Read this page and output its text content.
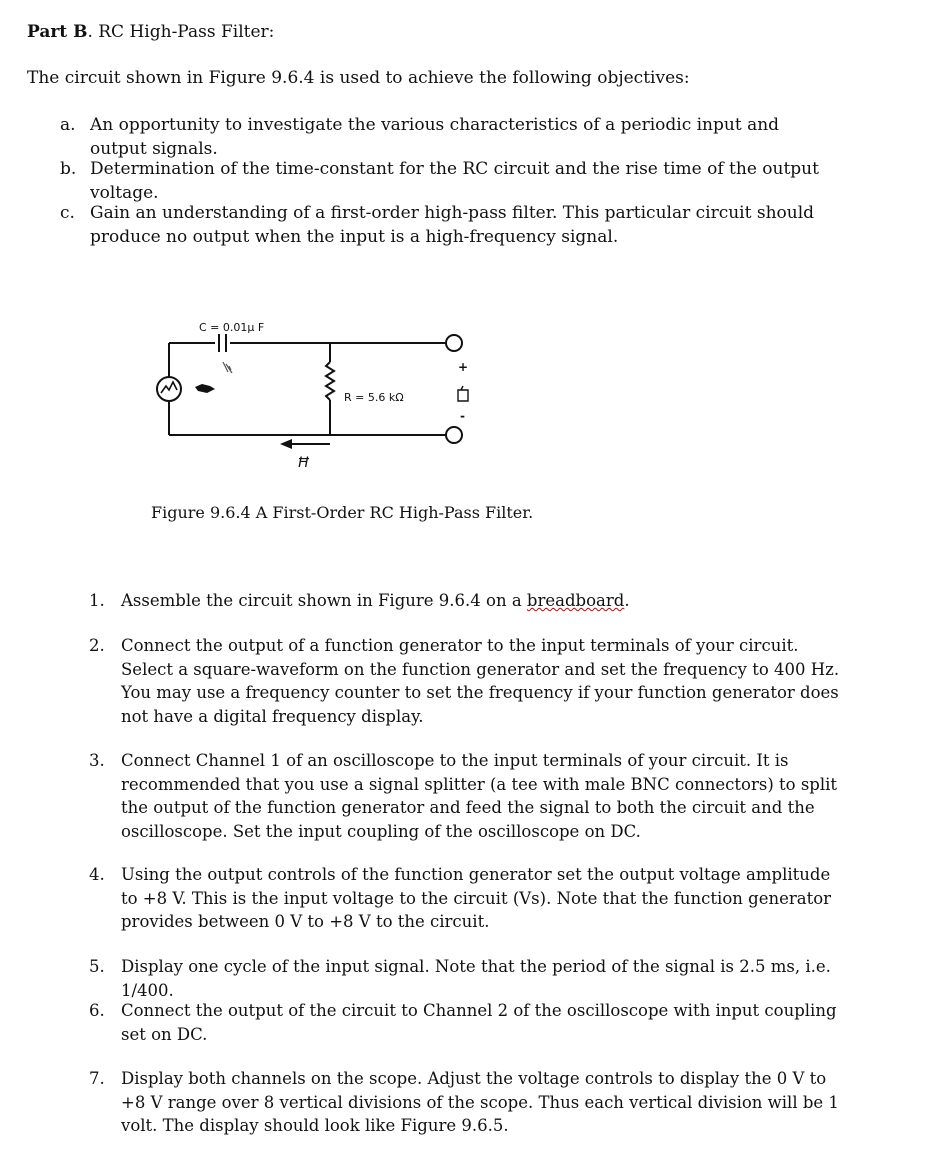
Part B. RC High-Pass Filter:
The circuit shown in Figure 9.6.4 is used to achieve the following objectives:
a. An opportunity to investigate the various characteristics of a periodic input and output signals.
b. Determination of the time-constant for the RC circuit and the rise time of the output voltage.
c. Gain an understanding of a first-order high-pass filter. This particular circuit should produce no output when the input is a high-frequency signal.
C = 0.01μ F
R = 5.6 kΩ
+
-
Ħ
Figure 9.6.4 A First-Order RC High-Pass Filter.
1. Assemble the circuit shown in Figure 9.6.4 on a breadboard.
2. Connect the output of a function generator to the input terminals of your circuit. Select a square-waveform on the function generator and set the frequency to 400 Hz. You may use a frequency counter to set the frequency if your function generator does not have a digital frequency display.
3. Connect Channel 1 of an oscilloscope to the input terminals of your circuit. It is recommended that you use a signal splitter (a tee with male BNC connectors) to split the output of the function generator and feed the signal to both the circuit and the oscilloscope. Set the input coupling of the oscilloscope on DC.
4. Using the output controls of the function generator set the output voltage amplitude to +8 V. This is the input voltage to the circuit (Vs). Note that the function generator provides between 0 V to +8 V to the circuit.
5. Display one cycle of the input signal. Note that the period of the signal is 2.5 ms, i.e. 1/400.
6. Connect the output of the circuit to Channel 2 of the oscilloscope with input coupling set on DC.
7. Display both channels on the scope. Adjust the voltage controls to display the 0 V to +8 V range over 8 vertical divisions of the scope. Thus each vertical division will be 1 volt. The display should look like Figure 9.6.5.
